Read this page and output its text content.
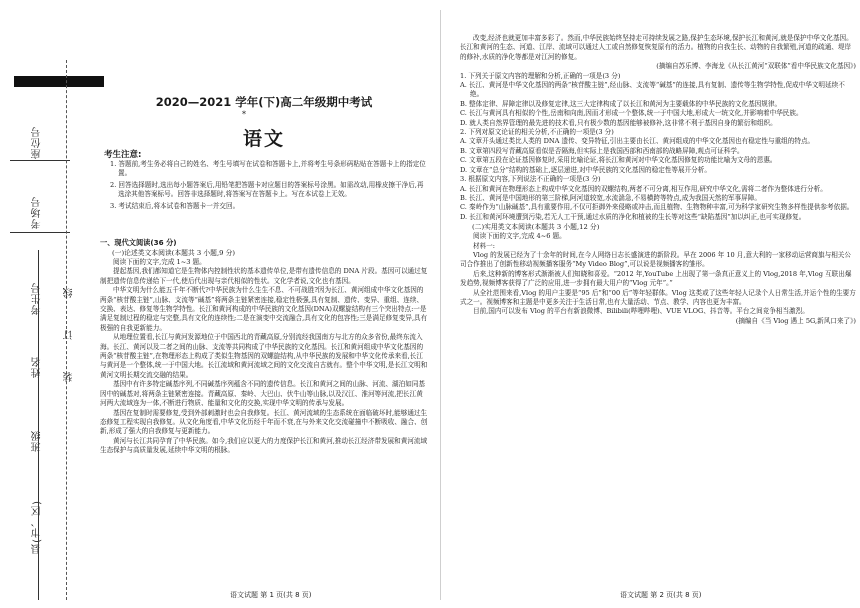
座位号
考场号
考生号
姓名
班级
县(市、区)
线
订
装
2020—2021 学年(下)高二年级期中考试
*
语文
考生注意:

1. 答题前,考生务必将自己的姓名、考生号填写在试卷和答题卡上,并将考生号条形码粘贴在答题卡上的指定位置。

2. 回答选择题时,选出每小题答案后,用铅笔把答题卡对应题目的答案标号涂黑。如需改动,用橡皮擦干净后,再选涂其他答案标号。回答非选择题时,将答案写在答题卡上。写在本试卷上无效。

3. 考试结束后,将本试卷和答题卡一并交回。

一、现代文阅读(36 分)

(一)论述类文本阅读(本题共 3 小题,9 分)

阅读下面的文字,完成 1~3 题。

提起基因,我们都知道它是生物体内控制性状的基本遗传单位,是带有遗传信息的 DNA 片段。基因可以通过复制把遗传信息传递给下一代,使后代出现与亲代相似的性状。文化学者说,文化也有基因。

中华文明为什么能五千年不断代?中华民族为什么生生不息、不可战胜?因为长江、黄河组成中华文化基因的两条“核苷酸主链”,山脉、支流等“碱基”将两条主链紧密连接,稳定性极强,具有复制、遗传、变异、重组、连续、交换、表达、修复等生物学特性。长江和黄河构成的中华民族的文化基因(DNA)双螺旋结构有三个突出特点:一是满足复制过程的稳定与完整,具有文化的连续性;二是在演变中交流融合,具有文化的包容性;三是满足修复变异,具有极强的自我更新能力。

从地理位置看,长江与黄河发源地位于中国西北的青藏高原,分别流经我国南方与北方的众多省份,最终东流入海。长江、黄河以及二者之间的山脉、支流等共同构成了中华民族的文化基因。长江和黄河组成中华文化基因的两条“核苷酸主链”,在物理形态上构成了类似生物基因的双螺旋结构,从中华民族的发展和中华文化传承来看,长江与黄河是一个整体,统一于中国大地。长江流域和黄河流域之间的文化交流自古就有。整个中华文明,是长江文明和黄河文明长期交流交融的结果。

基因中有许多特定碱基序列,不同碱基序列蕴含不同的遗传信息。长江和黄河之间的山脉、河流、湖泊如同基因中的碱基对,将两条主链紧密连接。青藏高原、秦岭、大巴山、伏牛山等山脉,以及汉江、淮河等河流,把长江黄河两大流域连为一体,不断进行物质、能量和文化的交换,实现中华文明的传承与发展。

基因在复制时需要修复,受到外部刺激时也会自我修复。长江、黄河流域的生态系统在面临破坏时,能够通过生态修复工程实现自我修复。从文化角度看,中华文化历经千年而不衰,在与外来文化交流碰撞中不断吸收、融合、创新,形成了强大的自我修复与更新能力。

黄河与长江共同孕育了中华民族。如今,我们应以更大的力度保护长江和黄河,推动长江经济带发展和黄河流域生态保护与高质量发展,延续中华文明的根脉。

语文试题 第 1 页(共 8 页)

改变,经济也就更加丰富多彩了。然而,中华民族始终坚持走可持续发展之路,保护生态环境,保护长江和黄河,就是保护中华文化基因。长江和黄河的生态、河道、江岸、流域可以通过人工或自然修复恢复原有的活力。植物的自我生长、动物的自我繁殖,河道的疏通、堤岸的修补,水质的净化等都是对江河的修复。

(摘编自苏乐博、李海龙《从长江黄河“双联体”看中华民族文化基因》)

1. 下列关于原文内容的理解和分析,正确的一项是(3 分)

A. 长江、黄河是中华文化基因的两条“核苷酸主链”,经山脉、支流等“碱基”的连接,具有复制、遗传等生物学特性,促成中华文明延续不绝。

B. 整体定律、屏障定律以及修复定律,这三大定律构成了以长江和黄河为主要载体的中华民族的文化基因规律。

C. 长江与黄河具有相似的个性,岳南和向南,因而才形成一个整体,统一于中国大地,形成大一统文化,并影响着中华民族。

D. 就人类自然界管理的最先进的技术看,只有极少数的基因能够被修补,这非常不利于基因自身的繁衍和组织。

2. 下列对原文论证的相关分析,不正确的一项是(3 分)

A. 文章开头通过类比人类的 DNA 遗传、变异特征,引出主要由长江、黄河组成的中华文化基因也有稳定性与重组的特点。

B. 文章第四段写青藏高原看似是否隔海,但实际上是我国西部和西南部的战略屏障,观点可证科学。

C. 文章第五段在论证基因修复时,采用比喻论证,将长江和黄河对中华文化基因修复的功能比喻为文母的恩惠。

D. 文章在“总分”结构的基础上,逐层递进,对中华民族的文化基因的稳定性等展开分析。

3. 根据原文内容,下列说法不正确的一项是(3 分)

A. 长江和黄河在物理形态上构成中华文化基因的双螺结构,两者不可分离,相互作用,研究中华文化,需将二者作为整体进行分析。

B. 长江、黄河是中国地形的第三阶梯,阿河道较宽,水流湍急,不易横跨等特点,成为我国天然的军事屏障。

C. 秦岭作为“山脉碱基”,具有重要作用,不仅可拒御外来侵略或冲击,而且植物、生物物种丰富,可为科学家研究生物多样性提供参考依据。

D. 长江和黄河环境遭到污染,若无人工干预,通过水质的净化和植被的生长等对这些“缺陷基因”加以纠正,也可实现修复。

(二)实用类文本阅读(本题共 3 小题,12 分)

阅读下面的文字,完成 4~6 题。

材料一:

Vlog 的发展已经为了十余年的时间,在今人网络日志长盛演进的新阶段。早在 2006 年 10 月,意大利的一家移动运营商旗与相关公司合作推出了创新性移动视频播客服务“My Video Blog”,可以说是视频播客的雏形。

后来,这种新的博客形式渐渐被人们知晓和喜爱。“2012 年,YouTube 上出现了第一条真正意义上的 Vlog,2018 年,Vlog 互联出爆发趋势,视频博客获得了广泛的应用,进一步拥有最大用户的“Vlog 元年”。”

从全社范围来看,Vlog 的用户主要是“95 后”和“00 后”等年轻群体。Vlog 这类或了这些年轻人记录个人日常生活,并运个性的生要方式之一。视频博客和主题是中更多关注于生活日常,也有大量活动、节点、教学、内容也更为丰富。

目前,国内可以发布 Vlog 的平台有新浪微博、Bilibili(哔哩哔哩)、VUE VLOG、抖音等。平台之间竞争相当激烈。

(摘编自《当 Vlog 遇上 5G,新风口来了》)

语文试题 第 2 页(共 8 页)
